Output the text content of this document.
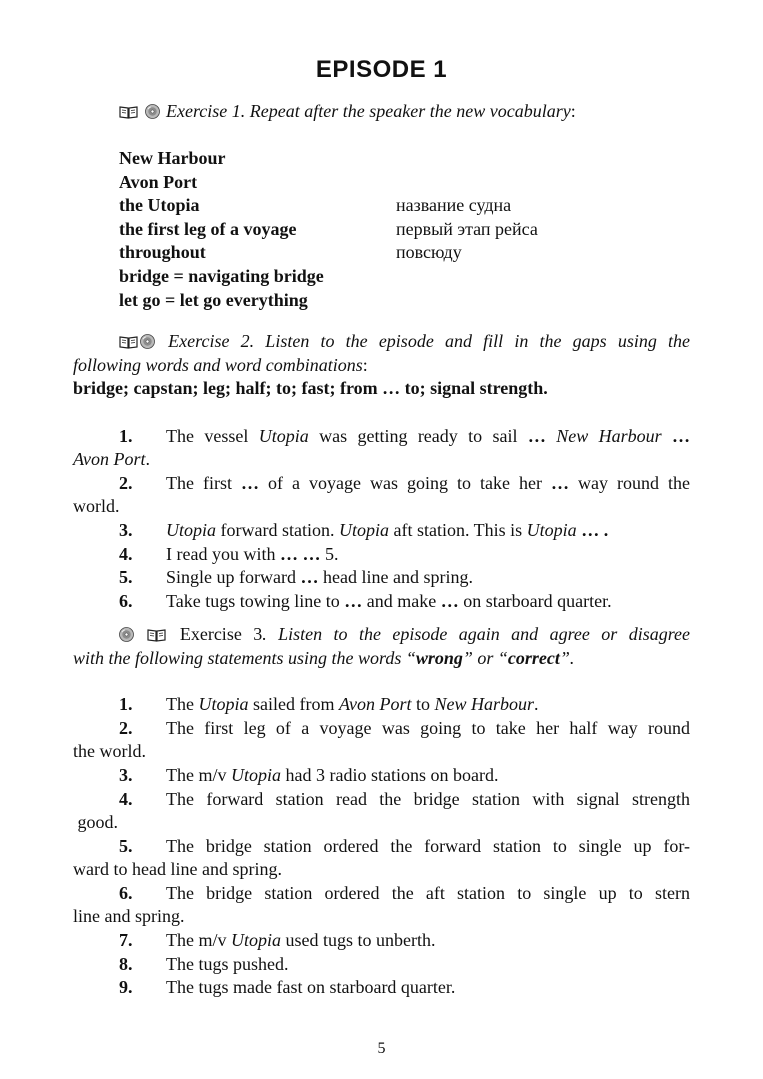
EPISODE 1
Exercise 1. Repeat after the speaker the new vocabulary:
New Harbour
Avon Port
the Utopia	название судна
the first leg of a voyage	первый этап рейса
throughout	повсюду
bridge = navigating bridge
let go = let go everything
Exercise 2. Listen to the episode and fill in the gaps using the
following words and word combinations:
bridge; capstan; leg; half; to; fast; from … to; signal strength.
1. The vessel Utopia was getting ready to sail … New Harbour …
Avon Port.
2. The first … of a voyage was going to take her … way round the
world.
3. Utopia forward station. Utopia aft station. This is Utopia … .
4. I read you with … … 5.
5. Single up forward … head line and spring.
6. Take tugs towing line to … and make … on starboard quarter.
Exercise 3. Listen to the episode again and agree or disagree
with the following statements using the words “wrong” or “correct”.
1. The Utopia sailed from Avon Port to New Harbour.
2. The first leg of a voyage was going to take her half way round
the world.
3. The m/v Utopia had 3 radio stations on board.
4. The forward station read the bridge station with signal strength
good.
5. The bridge station ordered the forward station to single up for-
ward to head line and spring.
6. The bridge station ordered the aft station to single up to stern
line and spring.
7. The m/v Utopia used tugs to unberth.
8. The tugs pushed.
9. The tugs made fast on starboard quarter.
5
